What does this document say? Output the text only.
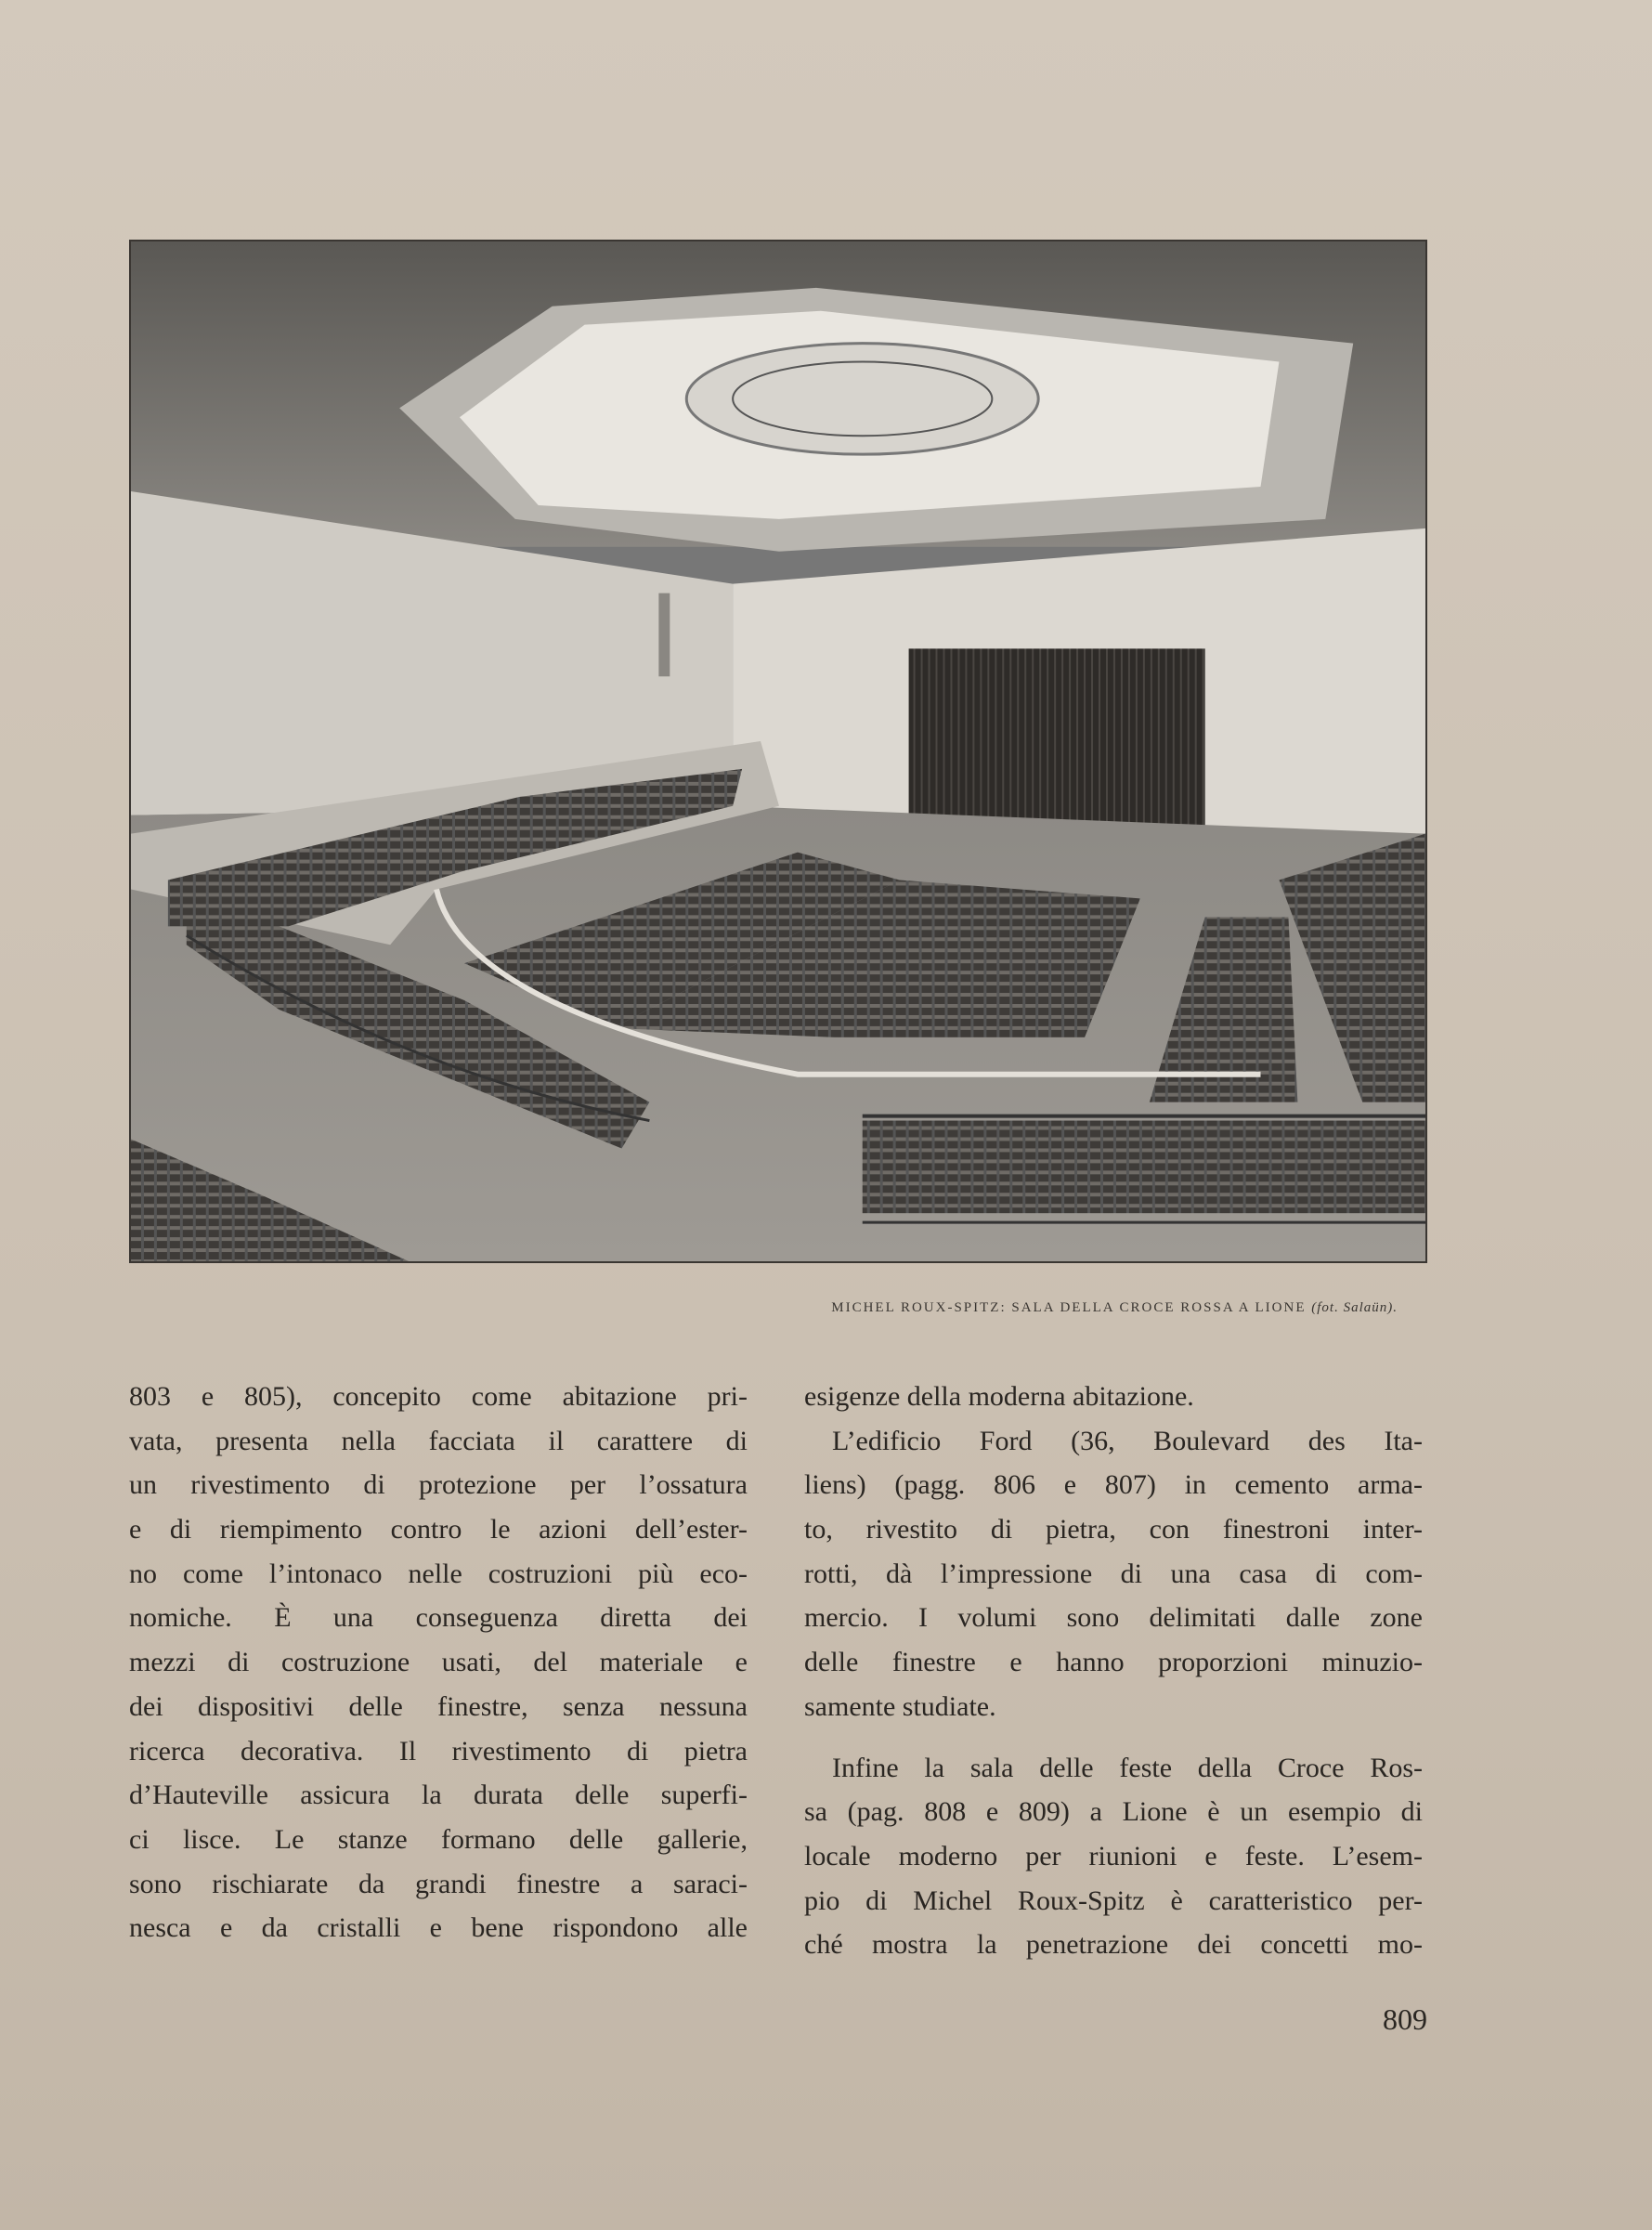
MICHEL ROUX-SPITZ: SALA DELLA CROCE ROSSA A LIONE (fot. Salaün).
803 e 805), concepito come abitazione pri-
vata, presenta nella facciata il carattere di
un rivestimento di protezione per l’ossatura
e di riempimento contro le azioni dell’ester-
no come l’intonaco nelle costruzioni più eco-
nomiche. È una conseguenza diretta dei
mezzi di costruzione usati, del materiale e
dei dispositivi delle finestre, senza nessuna
ricerca decorativa. Il rivestimento di pietra
d’Hauteville assicura la durata delle superfi-
ci lisce. Le stanze formano delle gallerie,
sono rischiarate da grandi finestre a saraci-
nesca e da cristalli e bene rispondono alle
esigenze della moderna abitazione.
L’edificio Ford (36, Boulevard des Ita-
liens) (pagg. 806 e 807) in cemento arma-
to, rivestito di pietra, con finestroni inter-
rotti, dà l’impressione di una casa di com-
mercio. I volumi sono delimitati dalle zone
delle finestre e hanno proporzioni minuzio-
samente studiate.
Infine la sala delle feste della Croce Ros-
sa (pag. 808 e 809) a Lione è un esempio di
locale moderno per riunioni e feste. L’esem-
pio di Michel Roux-Spitz è caratteristico per-
ché mostra la penetrazione dei concetti mo-
809
